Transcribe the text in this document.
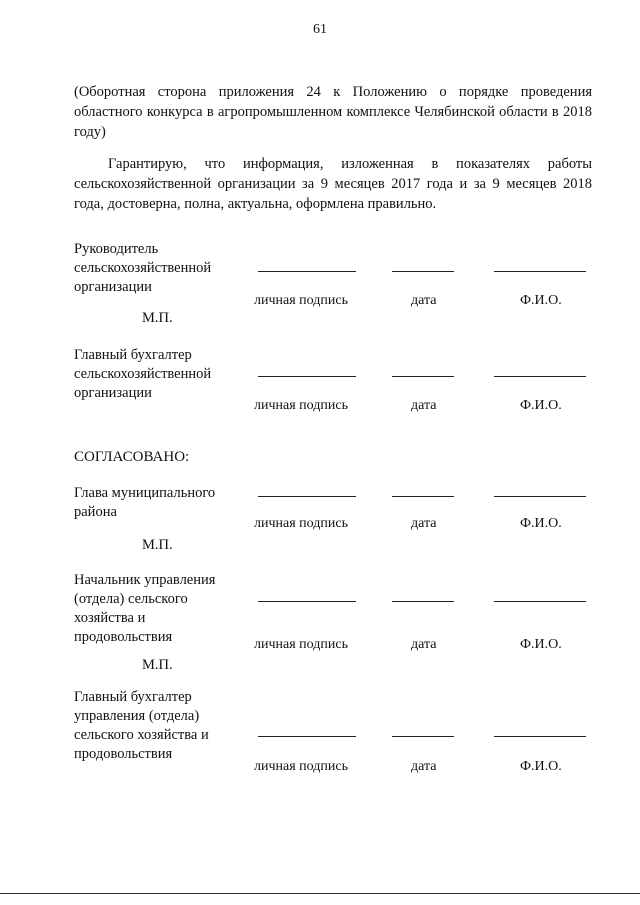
61
(Оборотная сторона приложения 24 к Положению о порядке проведения областного конкурса в агропромышленном комплексе Челябинской области в 2018 году)
Гарантирую, что информация, изложенная в показателях работы сельскохозяйственной организации за 9 месяцев 2017 года и за 9 месяцев 2018 года, достоверна, полна, актуальна, оформлена правильно.
Руководитель
сельскохозяйственной
организации
личная подпись	дата	Ф.И.О.
М.П.
Главный бухгалтер
сельскохозяйственной
организации
личная подпись	дата	Ф.И.О.
СОГЛАСОВАНО:
Глава муниципального
района
личная подпись	дата	Ф.И.О.
М.П.
Начальник управления
(отдела) сельского
хозяйства и
продовольствия	личная подпись	дата	Ф.И.О.
М.П.
Главный бухгалтер
управления (отдела)
сельского хозяйства и
продовольствия
личная подпись	дата	Ф.И.О.
